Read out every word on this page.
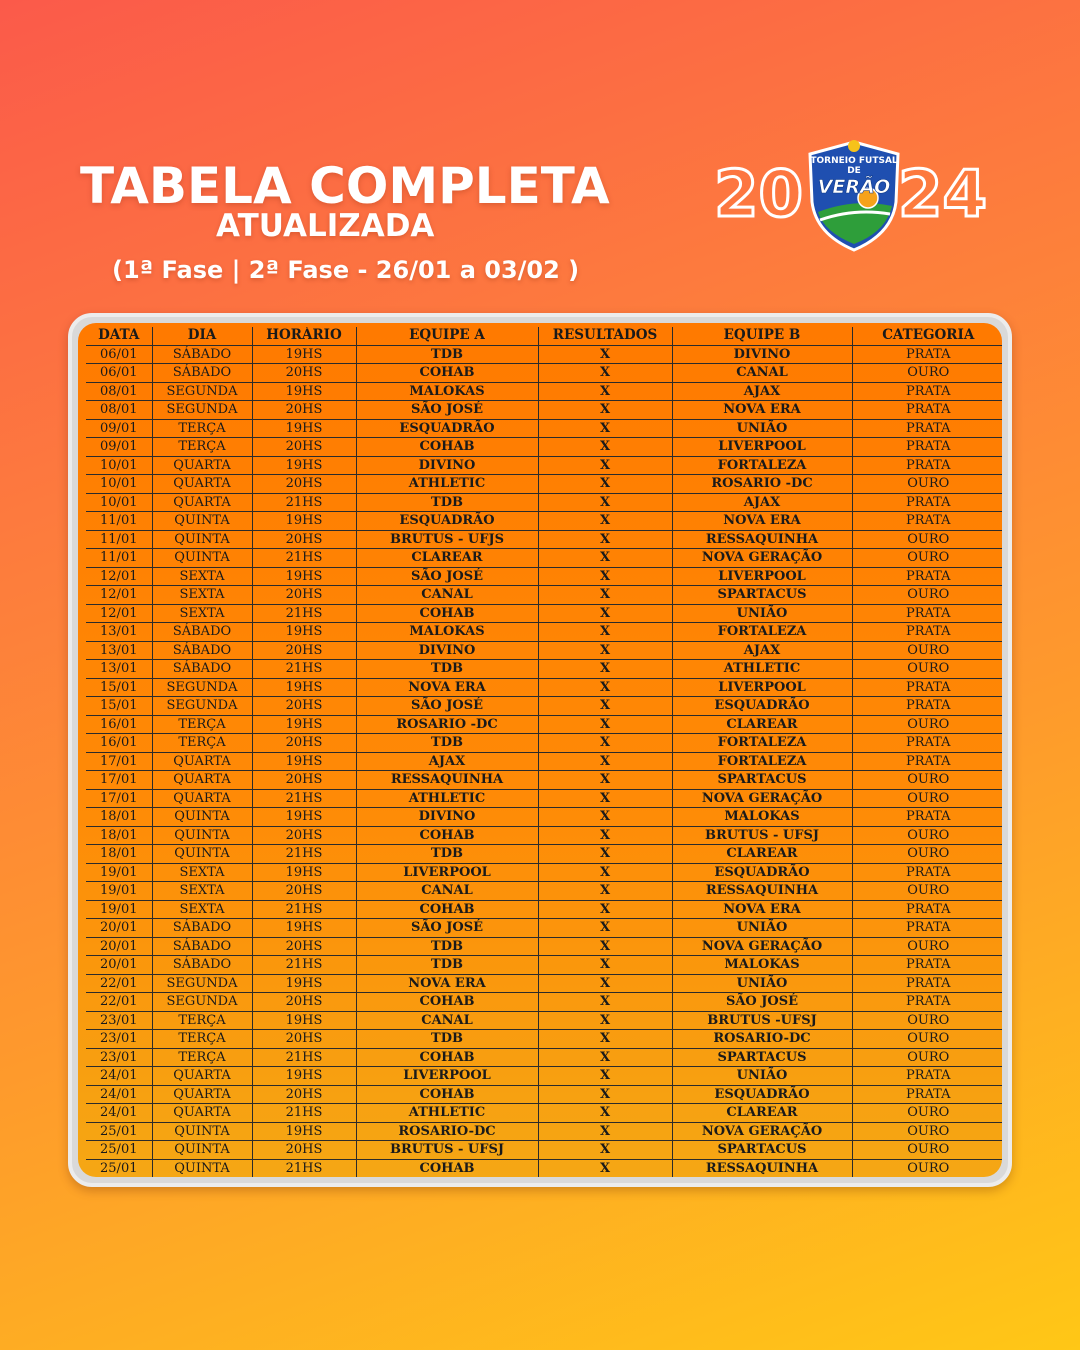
TABELA COMPLETA
ATUALIZADA
(1ª Fase | 2ª Fase - 26/01 a 03/02 )
20 24
TORNEIO FUTSAL DE
VERÃO
DATA	DIA	HORÁRIO	EQUIPE A	RESULTADOS	EQUIPE B	CATEGORIA
06/01	SÁBADO	19HS	TDB	X	DIVINO	PRATA
06/01	SÁBADO	20HS	COHAB	X	CANAL	OURO
08/01	SEGUNDA	19HS	MALOKAS	X	AJAX	PRATA
08/01	SEGUNDA	20HS	SÃO JOSÉ	X	NOVA ERA	PRATA
09/01	TERÇA	19HS	ESQUADRÃO	X	UNIÃO	PRATA
09/01	TERÇA	20HS	COHAB	X	LIVERPOOL	PRATA
10/01	QUARTA	19HS	DIVINO	X	FORTALEZA	PRATA
10/01	QUARTA	20HS	ATHLETIC	X	ROSARIO -DC	OURO
10/01	QUARTA	21HS	TDB	X	AJAX	PRATA
11/01	QUINTA	19HS	ESQUADRÃO	X	NOVA ERA	PRATA
11/01	QUINTA	20HS	BRUTUS - UFJS	X	RESSAQUINHA	OURO
11/01	QUINTA	21HS	CLAREAR	X	NOVA GERAÇÃO	OURO
12/01	SEXTA	19HS	SÃO JOSÉ	X	LIVERPOOL	PRATA
12/01	SEXTA	20HS	CANAL	X	SPARTACUS	OURO
12/01	SEXTA	21HS	COHAB	X	UNIÃO	PRATA
13/01	SÁBADO	19HS	MALOKAS	X	FORTALEZA	PRATA
13/01	SÁBADO	20HS	DIVINO	X	AJAX	OURO
13/01	SÁBADO	21HS	TDB	X	ATHLETIC	OURO
15/01	SEGUNDA	19HS	NOVA ERA	X	LIVERPOOL	PRATA
15/01	SEGUNDA	20HS	SÃO JOSÉ	X	ESQUADRÃO	PRATA
16/01	TERÇA	19HS	ROSARIO -DC	X	CLAREAR	OURO
16/01	TERÇA	20HS	TDB	X	FORTALEZA	PRATA
17/01	QUARTA	19HS	AJAX	X	FORTALEZA	PRATA
17/01	QUARTA	20HS	RESSAQUINHA	X	SPARTACUS	OURO
17/01	QUARTA	21HS	ATHLETIC	X	NOVA GERAÇÃO	OURO
18/01	QUINTA	19HS	DIVINO	X	MALOKAS	PRATA
18/01	QUINTA	20HS	COHAB	X	BRUTUS - UFSJ	OURO
18/01	QUINTA	21HS	TDB	X	CLAREAR	OURO
19/01	SEXTA	19HS	LIVERPOOL	X	ESQUADRÃO	PRATA
19/01	SEXTA	20HS	CANAL	X	RESSAQUINHA	OURO
19/01	SEXTA	21HS	COHAB	X	NOVA ERA	PRATA
20/01	SÁBADO	19HS	SÃO JOSÉ	X	UNIÃO	PRATA
20/01	SÁBADO	20HS	TDB	X	NOVA GERAÇÃO	OURO
20/01	SÁBADO	21HS	TDB	X	MALOKAS	PRATA
22/01	SEGUNDA	19HS	NOVA ERA	X	UNIÃO	PRATA
22/01	SEGUNDA	20HS	COHAB	X	SÃO JOSÉ	PRATA
23/01	TERÇA	19HS	CANAL	X	BRUTUS -UFSJ	OURO
23/01	TERÇA	20HS	TDB	X	ROSARIO-DC	OURO
23/01	TERÇA	21HS	COHAB	X	SPARTACUS	OURO
24/01	QUARTA	19HS	LIVERPOOL	X	UNIÃO	PRATA
24/01	QUARTA	20HS	COHAB	X	ESQUADRÃO	PRATA
24/01	QUARTA	21HS	ATHLETIC	X	CLAREAR	OURO
25/01	QUINTA	19HS	ROSARIO-DC	X	NOVA GERAÇÃO	OURO
25/01	QUINTA	20HS	BRUTUS - UFSJ	X	SPARTACUS	OURO
25/01	QUINTA	21HS	COHAB	X	RESSAQUINHA	OURO
